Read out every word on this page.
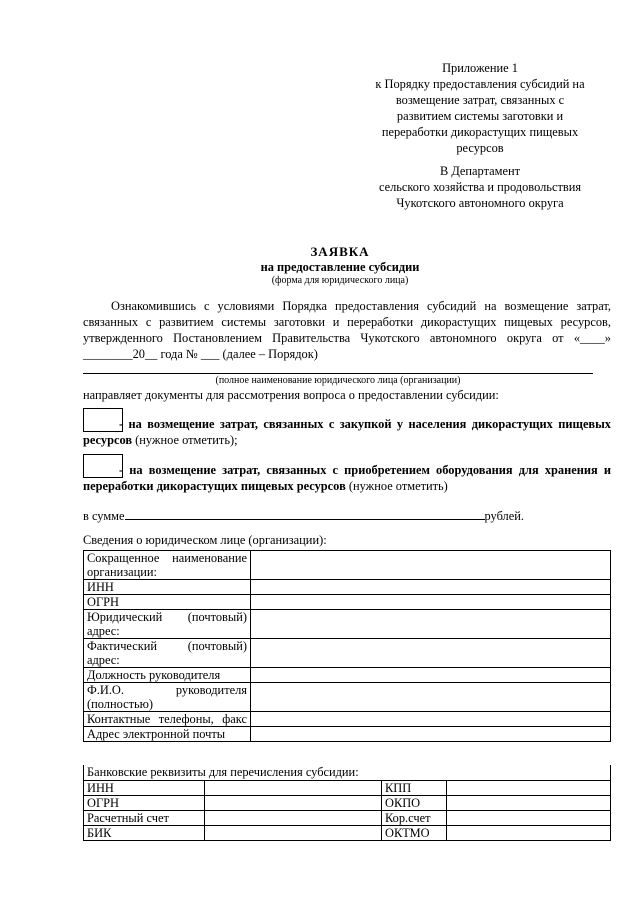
Приложение 1
к Порядку предоставления субсидий на
возмещение затрат, связанных с
развитием системы заготовки и
переработки дикорастущих пищевых
ресурсов
В Департамент
сельского хозяйства и продовольствия
Чукотского автономного округа
ЗАЯВКА
на предоставление субсидии
(форма для юридического лица)
Ознакомившись с условиями Порядка предоставления субсидий на возмещение затрат, связанных с развитием системы заготовки и переработки дикорастущих пищевых ресурсов, утвержденного Постановлением Правительства Чукотского автономного округа от «____» ________20__ года № ___ (далее – Порядок)
(полное наименование юридического лица (организации)
направляет документы для рассмотрения вопроса о предоставлении субсидии:
- на возмещение затрат, связанных с закупкой у населения дикорастущих пищевых ресурсов (нужное отметить);
- на возмещение затрат, связанных с приобретением оборудования для хранения и переработки дикорастущих пищевых ресурсов (нужное отметить)
в сумме	рублей.
Сведения о юридическом лице (организации):
Сокращенное наименование организации:	
ИНН	
ОГРН	
Юридический (почтовый) адрес:	
Фактический (почтовый) адрес:	
Должность руководителя	
Ф.И.О. руководителя (полностью)	
Контактные телефоны, факс	
Адрес электронной почты	
Банковские реквизиты для перечисления субсидии:
ИНН		КПП	
ОГРН		ОКПО	
Расчетный счет		Кор.счет	
БИК		ОКТМО	
